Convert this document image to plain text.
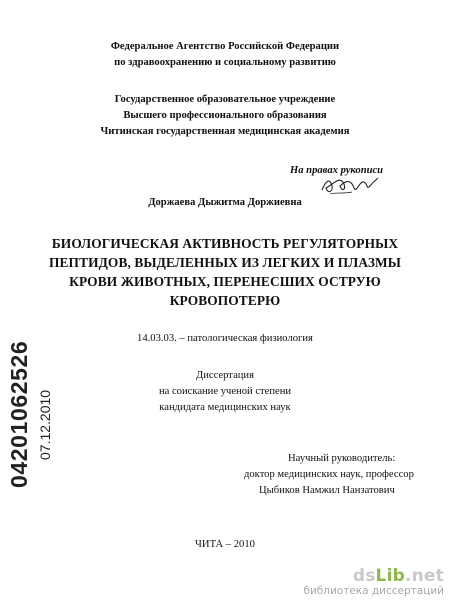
Федеральное Агентство Российской Федерации
по здравоохранению и социальному развитию
Государственное образовательное учреждение
Высшего профессионального образования
Читинская государственная медицинская академия
На правах рукописи
Доржаева Дыжитма Доржиевна
БИОЛОГИЧЕСКАЯ АКТИВНОСТЬ РЕГУЛЯТОРНЫХ
ПЕПТИДОВ, ВЫДЕЛЕННЫХ ИЗ ЛЕГКИХ И ПЛАЗМЫ
КРОВИ ЖИВОТНЫХ, ПЕРЕНЕСШИХ ОСТРУЮ
КРОВОПОТЕРЮ
14.03.03. – патологическая физиология
Диссертация
на соискание ученой степени
кандидата медицинских наук
Научный руководитель:
доктор медицинских наук, профессор
Цыбиков Намжил Нанзатович
ЧИТА – 2010
04201062526 07.12.2010
dsLib.net
библиотека диссертаций
